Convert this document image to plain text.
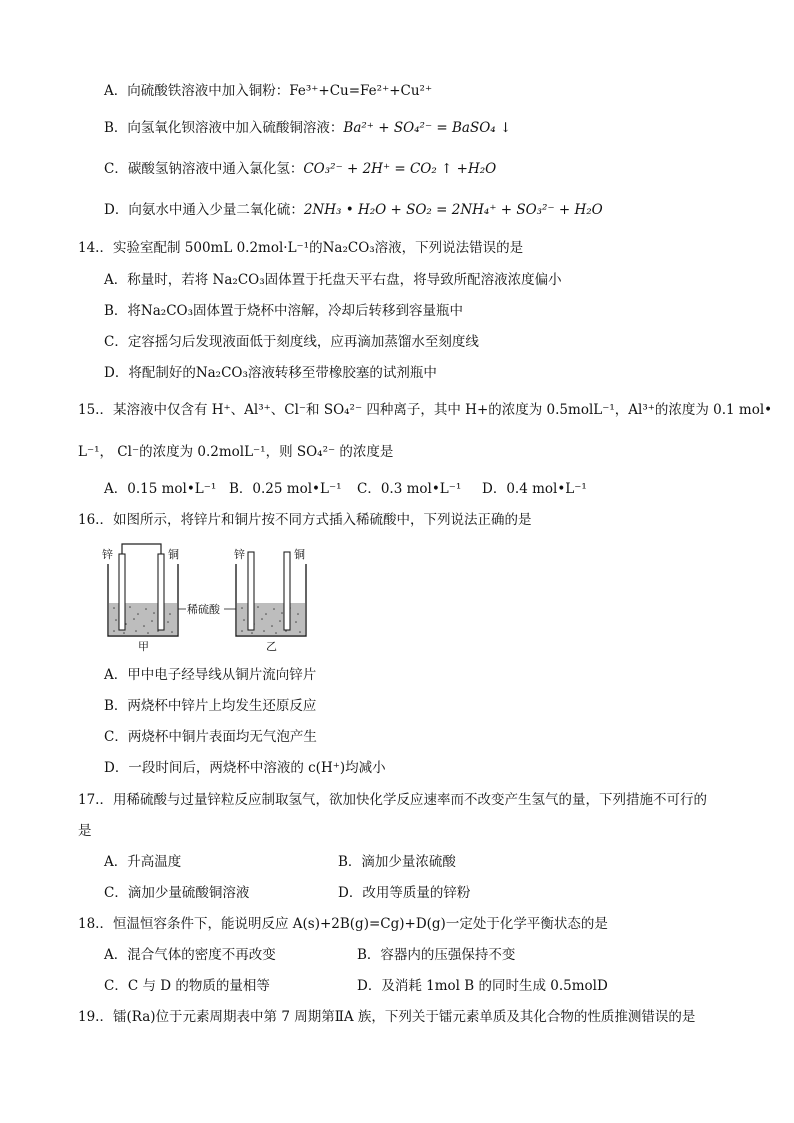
A．向硫酸铁溶液中加入铜粉：Fe³⁺+Cu=Fe²⁺+Cu²⁺
B．向氢氧化钡溶液中加入硫酸铜溶液：Ba²⁺ + SO₄²⁻ = BaSO₄ ↓
C．碳酸氢钠溶液中通入氯化氢：CO₃²⁻ + 2H⁺ = CO₂ ↑ +H₂O
D．向氨水中通入少量二氧化硫：2NH₃ • H₂O + SO₂ = 2NH₄⁺ + SO₃²⁻ + H₂O
14.．实验室配制 500mL 0.2mol·L⁻¹的Na₂CO₃溶液，下列说法错误的是
A．称量时，若将 Na₂CO₃固体置于托盘天平右盘，将导致所配溶液浓度偏小
B．将Na₂CO₃固体置于烧杯中溶解，冷却后转移到容量瓶中
C．定容摇匀后发现液面低于刻度线，应再滴加蒸馏水至刻度线
D．将配制好的Na₂CO₃溶液转移至带橡胶塞的试剂瓶中
15.．某溶液中仅含有 H⁺、Al³⁺、Cl⁻和 SO₄²⁻ 四种离子，其中 H+的浓度为 0.5molL⁻¹，Al³⁺的浓度为 0.1 mol•
L⁻¹， Cl⁻的浓度为 0.2molL⁻¹，则 SO₄²⁻ 的浓度是
A．0.15 mol•L⁻¹ B．0.25 mol•L⁻¹ C．0.3 mol•L⁻¹ D．0.4 mol•L⁻¹
16.．如图所示，将锌片和铜片按不同方式插入稀硫酸中，下列说法正确的是
锌	铜
甲
稀硫酸
锌	铜
乙
A．甲中电子经导线从铜片流向锌片
B．两烧杯中锌片上均发生还原反应
C．两烧杯中铜片表面均无气泡产生
D．一段时间后，两烧杯中溶液的 c(H⁺)均减小
17.．用稀硫酸与过量锌粒反应制取氢气，欲加快化学反应速率而不改变产生氢气的量，下列措施不可行的
是
A．升高温度	B．滴加少量浓硫酸
C．滴加少量硫酸铜溶液	D．改用等质量的锌粉
18.．恒温恒容条件下，能说明反应 A(s)+2B(g)=Cg)+D(g)一定处于化学平衡状态的是
A．混合气体的密度不再改变	B．容器内的压强保持不变
C．C 与 D 的物质的量相等	D．及消耗 1mol B 的同时生成 0.5molD
19.．镭(Ra)位于元素周期表中第 7 周期第ⅡA 族，下列关于镭元素单质及其化合物的性质推测错误的是
